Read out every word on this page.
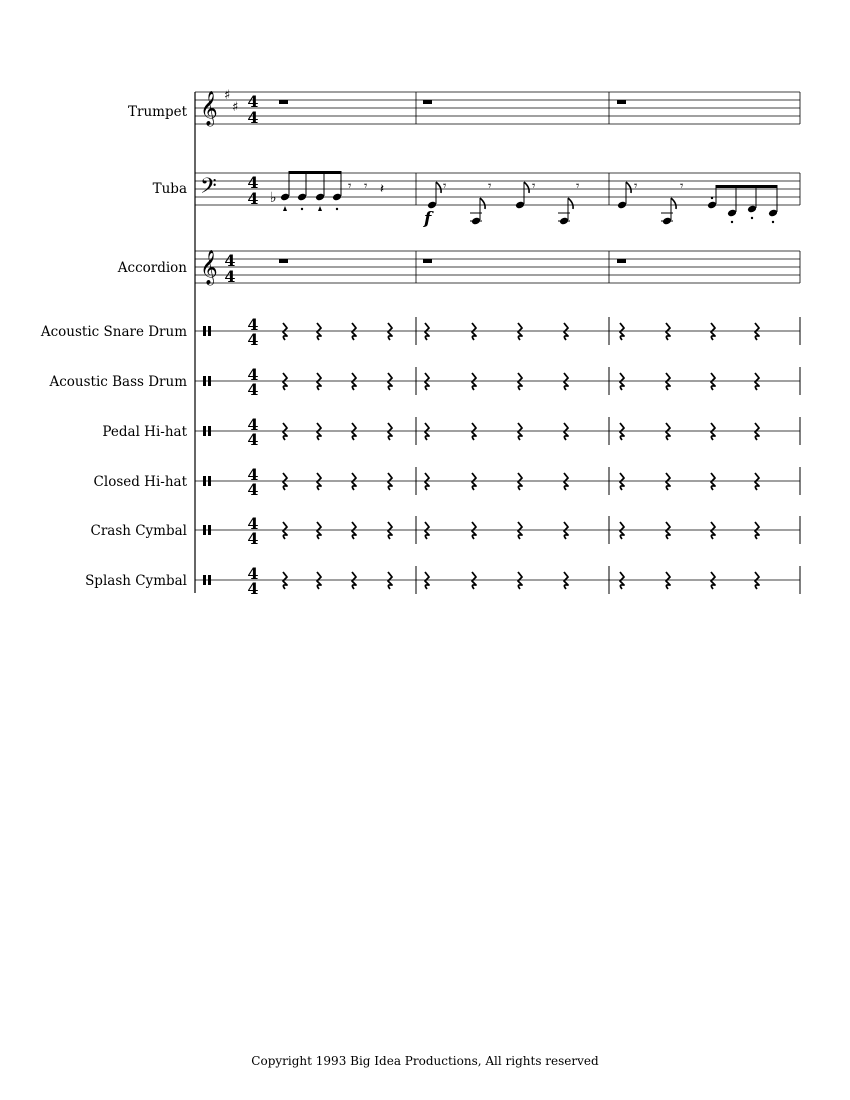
Trumpet
Tuba
Accordion
Acoustic Snare Drum
Acoustic Bass Drum
Pedal Hi-hat
Closed Hi-hat
Crash Cymbal
Splash Cymbal
𝄞 ♯
♯ 4
4
𝄢 4
4 ♭
𝄾 𝄾 𝄽	𝄾	𝄾	𝄾	𝄾
f
𝄾	𝄾
𝄞 4
4
4
4
4
4
4
4
4
4
4
4
4
4
Copyright 1993 Big Idea Productions, All rights reserved
